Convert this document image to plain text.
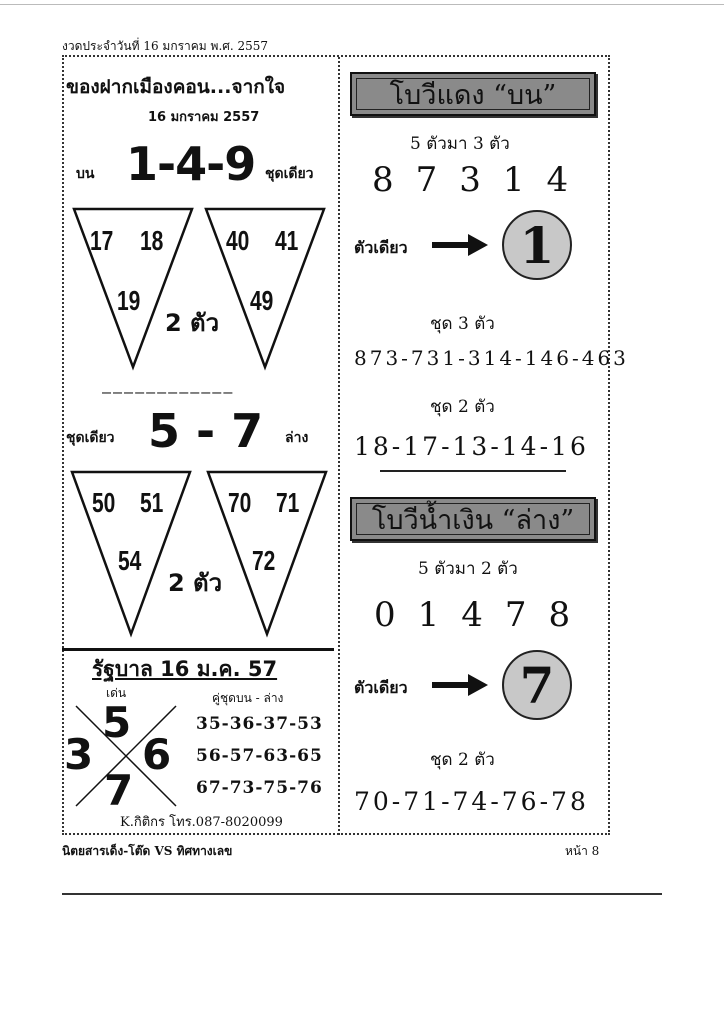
งวดประจำวันที่ 16 มกราคม พ.ศ. 2557
ของฝากเมืองคอน...จากใจ
16 มกราคม 2557
บน 1-4-9 ชุดเดียว
17 18
19
40 41
49
2 ตัว
————————————
ชุดเดียว 5 - 7 ล่าง
50 51
54
70 71
72
2 ตัว
รัฐบาล 16 ม.ค. 57
เด่น	คู่ชุดบน - ล่าง
35-36-37-53
56-57-63-65
67-73-75-76
5
3 6
7
K.กิติกร โทร.087-8020099
โบวีแดง “บน”
5 ตัวมา 3 ตัว
87314
ตัวเดียว	1
ชุด 3 ตัว
873-731-314-146-463
ชุด 2 ตัว
18-17-13-14-16
โบวีน้ำเงิน “ล่าง”
5 ตัวมา 2 ตัว
01478
ตัวเดียว	7
ชุด 2 ตัว
70-71-74-76-78
นิตยสารเด็ง-โต๊ด VS ทิศทางเลข	หน้า 8
